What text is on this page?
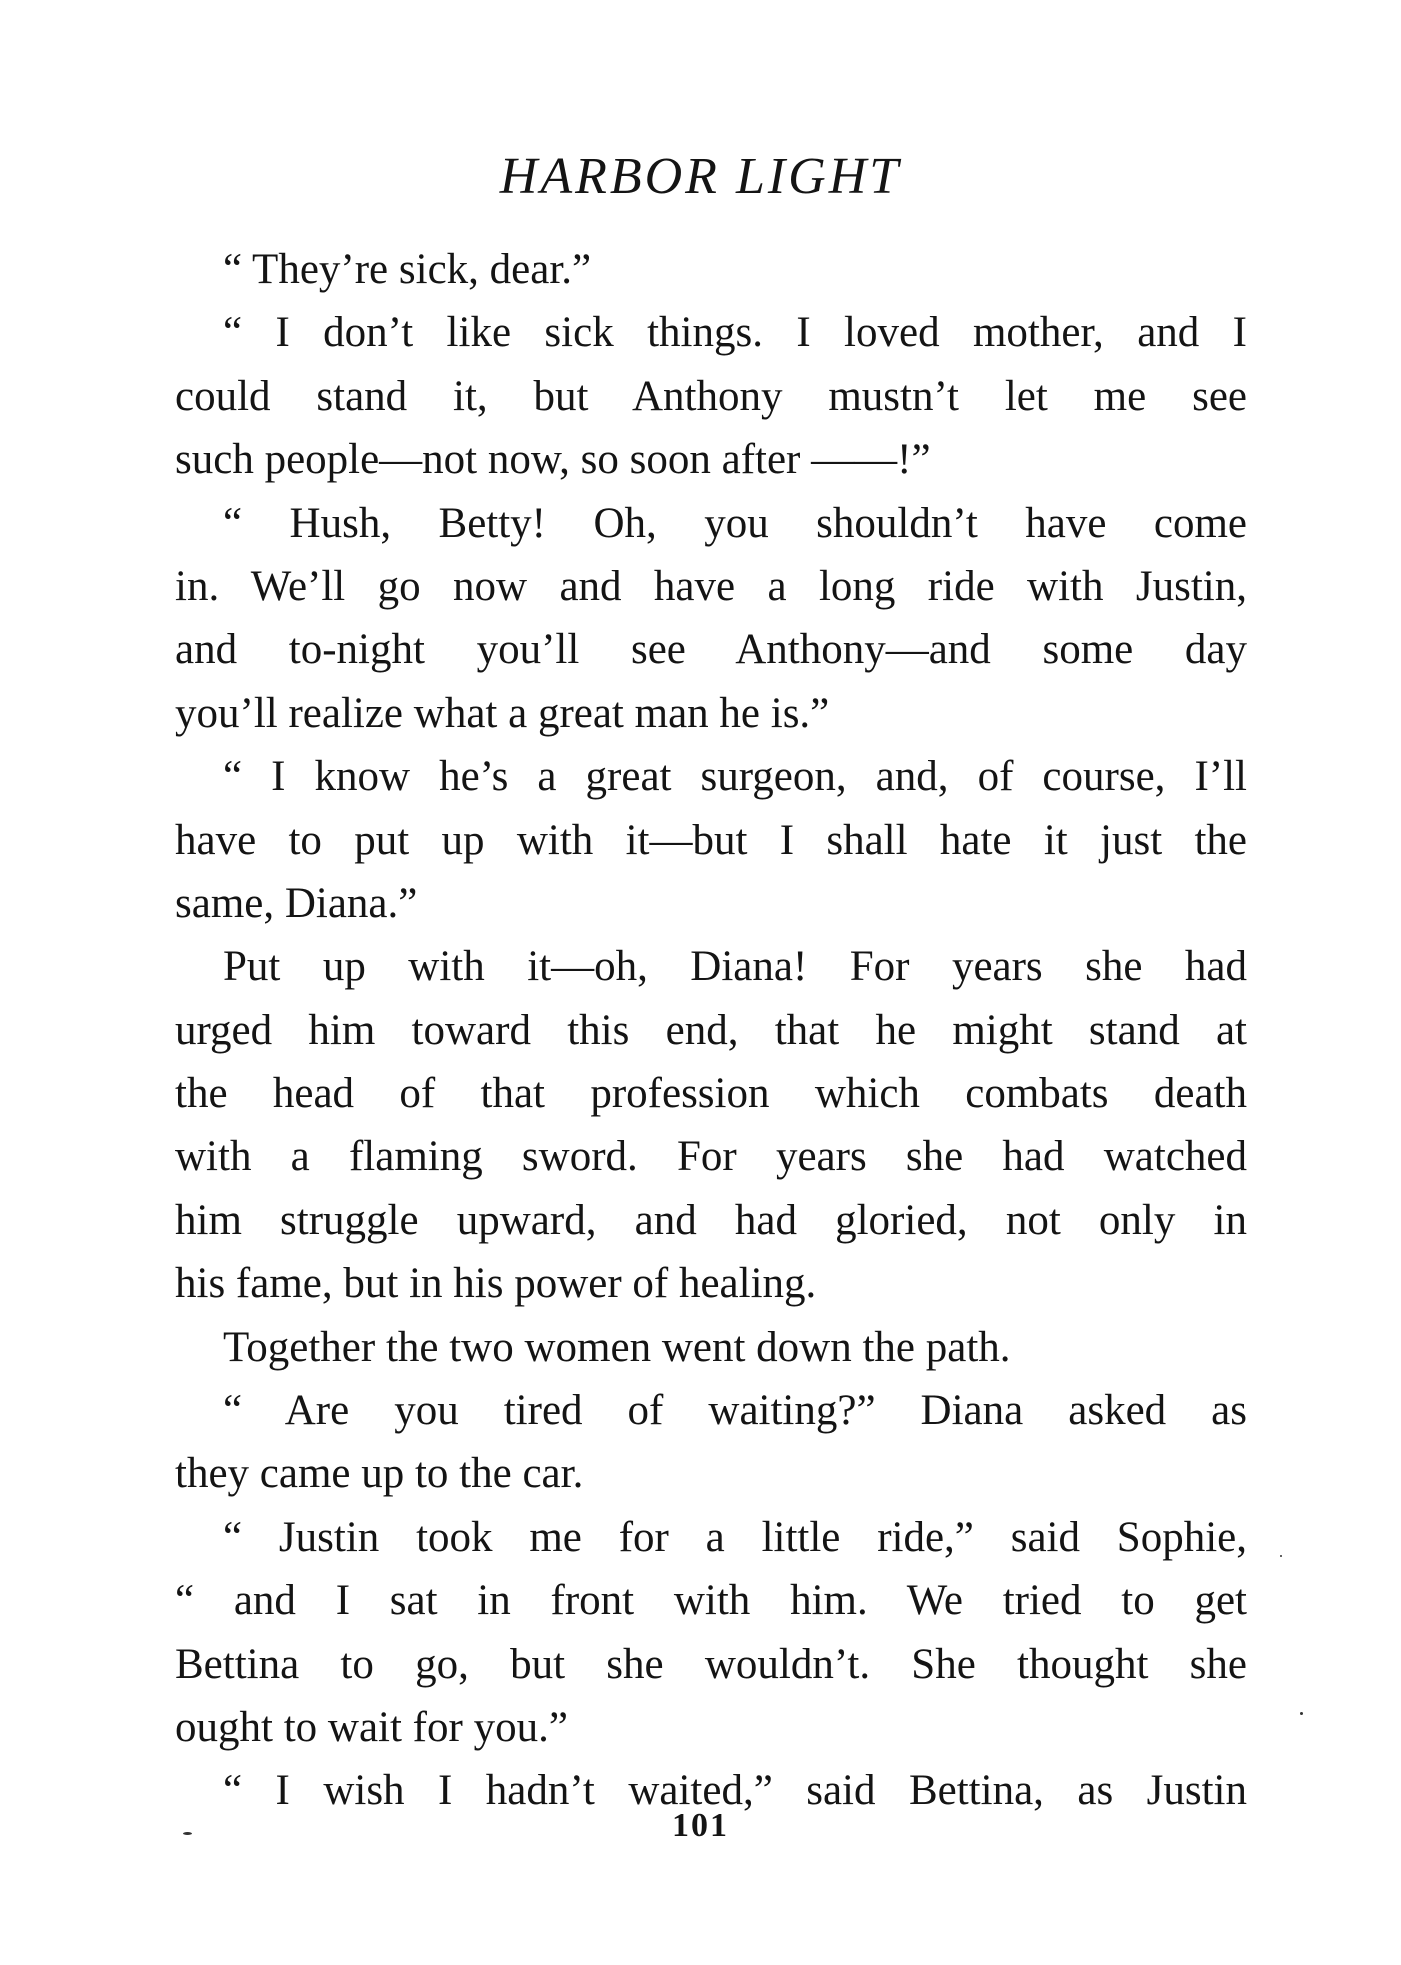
HARBOR LIGHT
“ They’re sick, dear.”
“ I don’t like sick things. I loved mother, and I
could stand it, but Anthony mustn’t let me see
such people—not now, so soon after ——!”
“ Hush, Betty! Oh, you shouldn’t have come
in. We’ll go now and have a long ride with Justin,
and to-night you’ll see Anthony—and some day
you’ll realize what a great man he is.”
“ I know he’s a great surgeon, and, of course, I’ll
have to put up with it—but I shall hate it just the
same, Diana.”
Put up with it—oh, Diana! For years she had
urged him toward this end, that he might stand at
the head of that profession which combats death
with a flaming sword. For years she had watched
him struggle upward, and had gloried, not only in
his fame, but in his power of healing.
Together the two women went down the path.
“ Are you tired of waiting?” Diana asked as
they came up to the car.
“ Justin took me for a little ride,” said Sophie,
“ and I sat in front with him. We tried to get
Bettina to go, but she wouldn’t. She thought she
ought to wait for you.”
“ I wish I hadn’t waited,” said Bettina, as Justin
101
